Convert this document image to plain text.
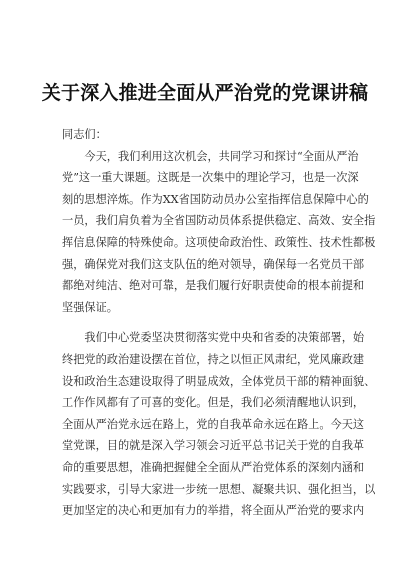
关于深入推进全面从严治党的党课讲稿
同志们：
今天，我们利用这次机会，共同学习和探讨“全面从严治
党”这一重大课题。这既是一次集中的理论学习，也是一次深
刻的思想淬炼。作为XX省国防动员办公室指挥信息保障中心的
一员，我们肩负着为全省国防动员体系提供稳定、高效、安全指
挥信息保障的特殊使命。这项使命政治性、政策性、技术性都极
强，确保党对我们这支队伍的绝对领导，确保每一名党员干部
都绝对纯洁、绝对可靠，是我们履行好职责使命的根本前提和
坚强保证。
我们中心党委坚决贯彻落实党中央和省委的决策部署，始
终把党的政治建设摆在首位，持之以恒正风肃纪，党风廉政建
设和政治生态建设取得了明显成效，全体党员干部的精神面貌、
工作作风都有了可喜的变化。但是，我们必须清醒地认识到，
全面从严治党永远在路上，党的自我革命永远在路上。今天这
堂党课，目的就是深入学习领会习近平总书记关于党的自我革
命的重要思想，准确把握健全全面从严治党体系的深刻内涵和
实践要求，引导大家进一步统一思想、凝聚共识、强化担当，以
更加坚定的决心和更加有力的举措，将全面从严治党的要求内
